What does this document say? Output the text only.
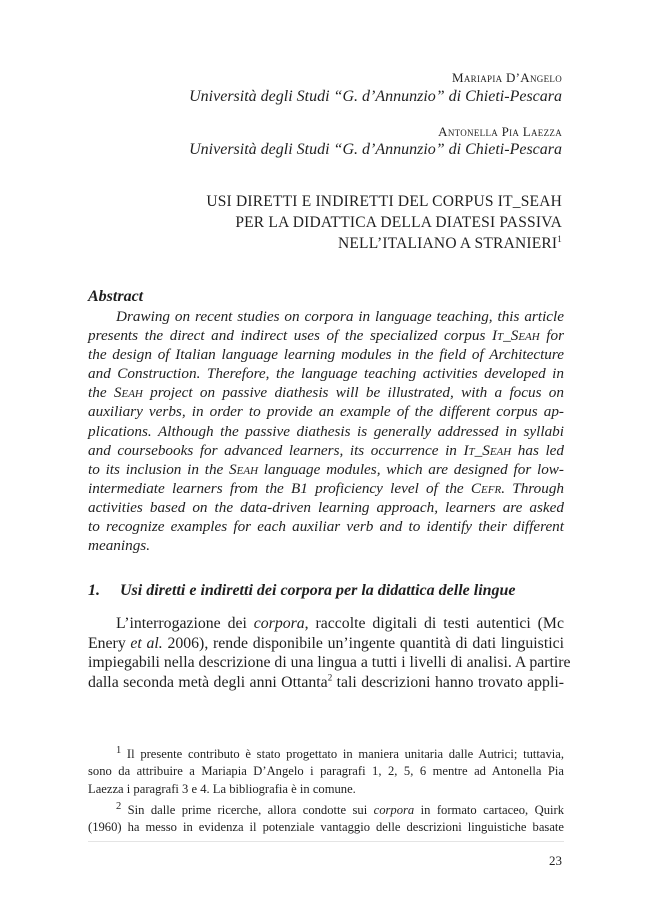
Mariapia D’Angelo
Università degli Studi “G. d’Annunzio” di Chieti-Pescara
Antonella Pia Laezza
Università degli Studi “G. d’Annunzio” di Chieti-Pescara
USI DIRETTI E INDIRETTI DEL CORPUS IT_SEAH
PER LA DIDATTICA DELLA DIATESI PASSIVA
NELL’ITALIANO A STRANIERI$^1$
Abstract
Drawing on recent studies on corpora in language teaching, this article
presents the direct and indirect uses of the specialized corpus It_Seah for
the design of Italian language learning modules in the field of Architecture
and Construction. Therefore, the language teaching activities developed in
the Seah project on passive diathesis will be illustrated, with a focus on
auxiliary verbs, in order to provide an example of the different corpus ap-
plications. Although the passive diathesis is generally addressed in syllabi
and coursebooks for advanced learners, its occurrence in It_Seah has led
to its inclusion in the Seah language modules, which are designed for low-
intermediate learners from the B1 proficiency level of the Cefr. Through
activities based on the data-driven learning approach, learners are asked
to recognize examples for each auxiliar verb and to identify their different
meanings.
1. Usi diretti e indiretti dei corpora per la didattica delle lingue
L’interrogazione dei corpora, raccolte digitali di testi autentici (Mc
Enery et al. 2006), rende disponibile un’ingente quantità di dati linguistici
impiegabili nella descrizione di una lingua a tutti i livelli di analisi. A partire
dalla seconda metà degli anni Ottanta$^2$ tali descrizioni hanno trovato appli-
$^1$ Il presente contributo è stato progettato in maniera unitaria dalle Autrici; tuttavia,
sono da attribuire a Mariapia D’Angelo i paragrafi 1, 2, 5, 6 mentre ad Antonella Pia
Laezza i paragrafi 3 e 4. La bibliografia è in comune.
$^2$ Sin dalle prime ricerche, allora condotte sui corpora in formato cartaceo, Quirk
(1960) ha messo in evidenza il potenziale vantaggio delle descrizioni linguistiche basate
23
